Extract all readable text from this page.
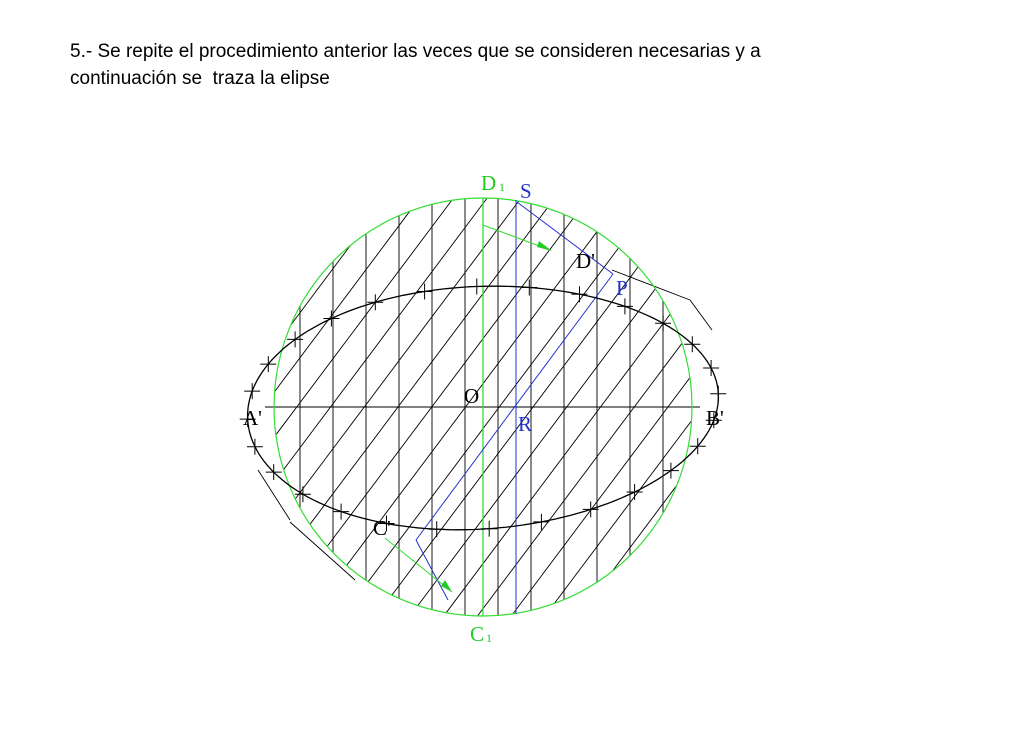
5.- Se repite el procedimiento anterior las veces que se consideren necesarias y a
continuación se  traza la elipse
D 1 S
D'
P
O
A'	B'
R
C'
C 1
